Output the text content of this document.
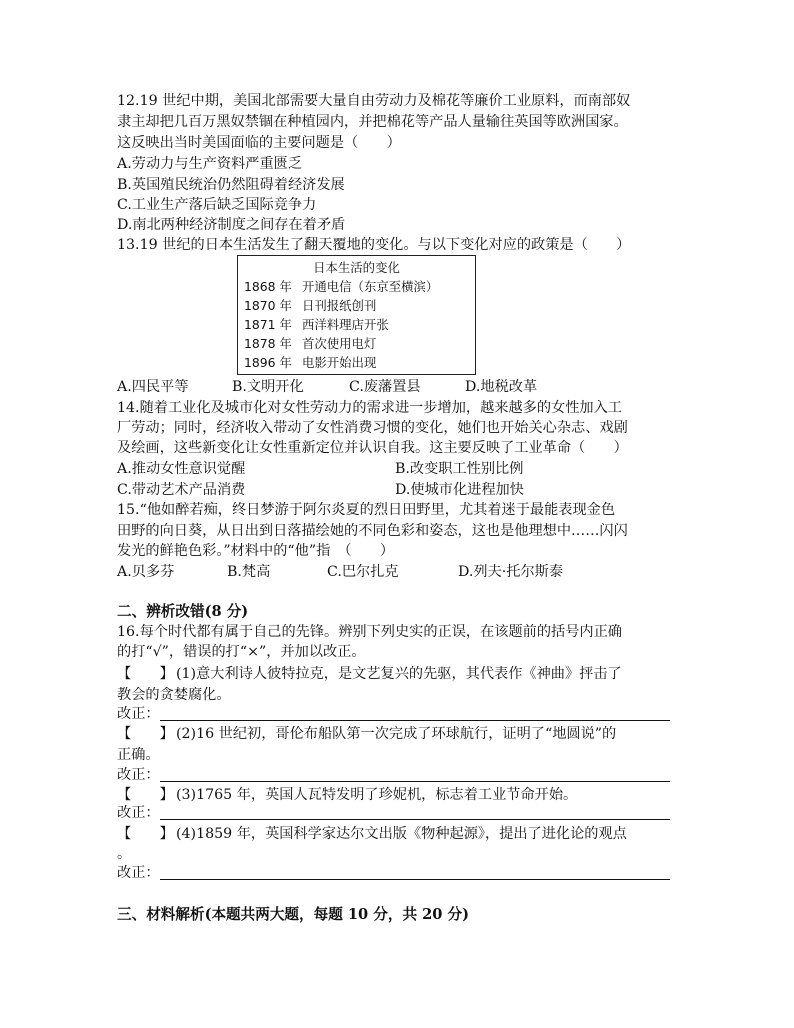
12.19 世纪中期，美国北部需要大量自由劳动力及棉花等廉价工业原料，而南部奴
隶主却把几百万黑奴禁锢在种植园内，并把棉花等产品人量输往英国等欧洲国家。
这反映出当时美国面临的主要问题是（　　）
A.劳动力与生产资料严重匮乏
B.英国殖民统治仍然阻碍着经济发展
C.工业生产落后缺乏国际竞争力
D.南北两种经济制度之间存在着矛盾
13.19 世纪的日本生活发生了翻天覆地的变化。与以下变化对应的政策是（　　）
日本生活的变化
1868 年 开通电信（东京至横滨）
1870 年 日刊报纸创刊
1871 年 西洋料理店开张
1878 年 首次使用电灯
1896 年 电影开始出现
A.四民平等	B.文明开化	C.废藩置县	D.地税改革
14.随着工业化及城市化对女性劳动力的需求进一步增加，越来越多的女性加入工
厂劳动；同时，经济收入带动了女性消费习惯的变化，她们也开始关心杂志、戏剧
及绘画，这些新变化让女性重新定位并认识自我。这主要反映了工业革命（　　）
A.推动女性意识觉醒	B.改变职工性别比例
C.带动艺术产品消费	D.使城市化进程加快
15.“他如醉若痴，终日梦游于阿尔炎夏的烈日田野里，尤其着迷于最能表现金色
田野的向日葵，从日出到日落描绘她的不同色彩和姿态，这也是他理想中……闪闪
发光的鲜艳色彩。”材料中的“他”指　（　　）
A.贝多芬	B.梵高	C.巴尔扎克	D.列夫·托尔斯泰
二、辨析改错(8 分)
16.每个时代都有属于自己的先锋。辨别下列史实的正误，在该题前的括号内正确
的打“√”，错误的打“×”，并加以改正。
【　　】 (1)意大利诗人彼特拉克，是文艺复兴的先驱，其代表作《神曲》抨击了
教会的贪婪腐化。
改正：
【　　】 (2)16 世纪初，哥伦布船队第一次完成了环球航行，证明了“地圆说”的
正确。
改正：
【　　】 (3)1765 年，英国人瓦特发明了珍妮机，标志着工业节命开始。
改正：
【　　】 (4)1859 年，英国科学家达尔文出版《物种起源》，提出了进化论的观点
。
改正：
三、材料解析(本题共两大题，每题 10 分，共 20 分)
